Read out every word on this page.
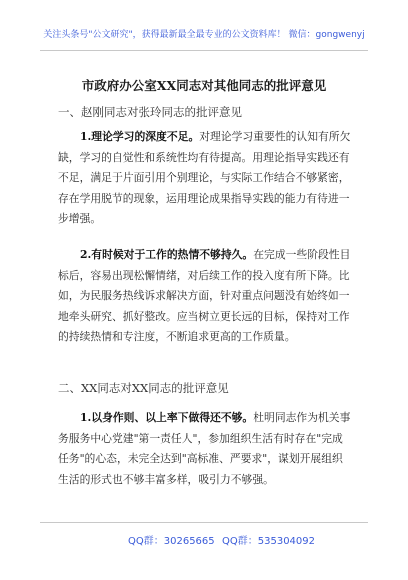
关注头条号"公文研究"，获得最新最全最专业的公文资料库！ 微信：gongwenyj
市政府办公室XX同志对其他同志的批评意见
一、赵刚同志对张玲同志的批评意见
1.理论学习的深度不足。对理论学习重要性的认知有所欠缺，学习的自觉性和系统性均有待提高。用理论指导实践还有不足，满足于片面引用个别理论，与实际工作结合不够紧密，存在学用脱节的现象，运用理论成果指导实践的能力有待进一步增强。
2.有时候对于工作的热情不够持久。在完成一些阶段性目标后，容易出现松懈情绪，对后续工作的投入度有所下降。比如，为民服务热线诉求解决方面，针对重点问题没有始终如一地牵头研究、抓好整改。应当树立更长远的目标，保持对工作的持续热情和专注度，不断追求更高的工作质量。
二、XX同志对XX同志的批评意见
1.以身作则、以上率下做得还不够。杜明同志作为机关事务服务中心党建"第一责任人"，参加组织生活有时存在"完成任务"的心态，未完全达到"高标准、严要求"，谋划开展组织生活的形式也不够丰富多样，吸引力不够强。
QQ群：30265665 QQ群：535304092
